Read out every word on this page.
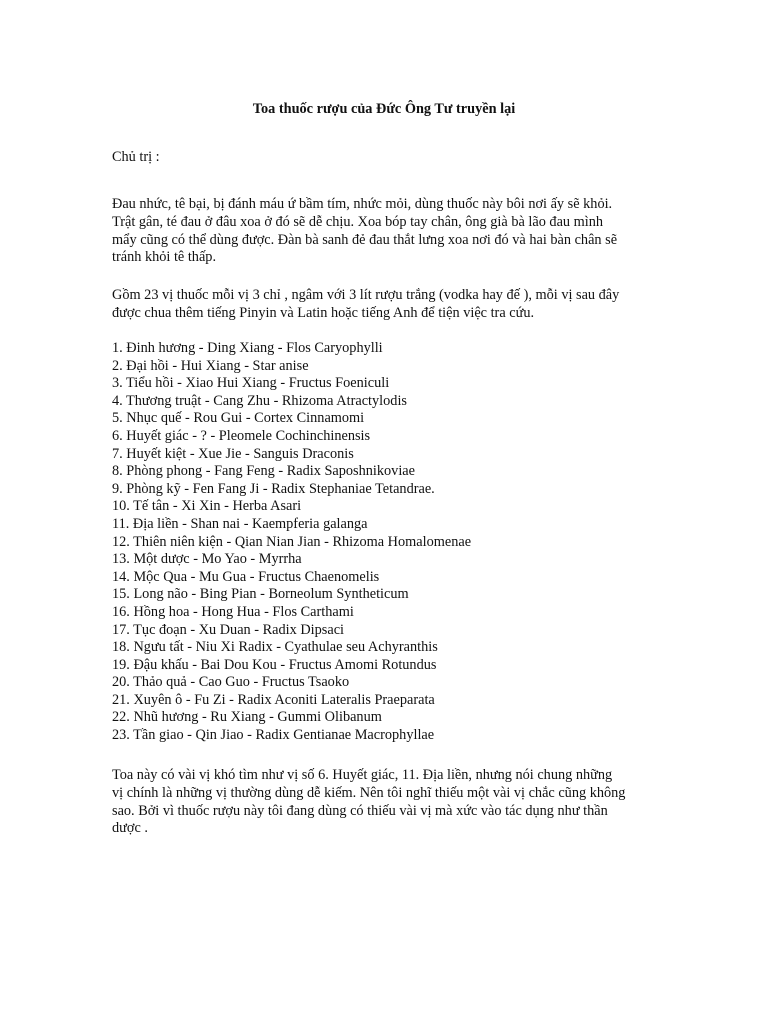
Toa thuốc rượu của Đức Ông Tư truyền lại
Chủ trị :
Đau nhức, tê bại, bị đánh máu ứ bầm tím, nhức mỏi, dùng thuốc này bôi nơi ấy sẽ khỏi.
Trật gân, té đau ở đâu xoa ở đó sẽ dễ chịu. Xoa bóp tay chân, ông già bà lão đau mình
mẩy cũng có thể dùng được. Đàn bà sanh đẻ đau thắt lưng xoa nơi đó và hai bàn chân sẽ
tránh khỏi tê thấp.
Gồm 23 vị thuốc mỗi vị 3 chỉ , ngâm với 3 lít rượu trắng (vodka hay đế ), mỗi vị sau đây
được chua thêm tiếng Pinyin và Latin hoặc tiếng Anh để tiện việc tra cứu.
1. Đinh hương - Ding Xiang - Flos Caryophylli
2. Đại hồi - Hui Xiang - Star anise
3. Tiểu hồi - Xiao Hui Xiang - Fructus Foeniculi
4. Thương truật - Cang Zhu - Rhizoma Atractylodis
5. Nhục quế - Rou Gui - Cortex Cinnamomi
6. Huyết giác - ? - Pleomele Cochinchinensis
7. Huyết kiệt - Xue Jie - Sanguis Draconis
8. Phòng phong - Fang Feng - Radix Saposhnikoviae
9. Phòng kỹ - Fen Fang Ji - Radix Stephaniae Tetandrae.
10. Tế tân - Xi Xin - Herba Asari
11. Địa liền - Shan nai - Kaempferia galanga
12. Thiên niên kiện - Qian Nian Jian - Rhizoma Homalomenae
13. Một dược - Mo Yao - Myrrha
14. Mộc Qua - Mu Gua - Fructus Chaenomelis
15. Long não - Bing Pian - Borneolum Syntheticum
16. Hồng hoa - Hong Hua - Flos Carthami
17. Tục đoạn - Xu Duan - Radix Dipsaci
18. Ngưu tất - Niu Xi Radix - Cyathulae seu Achyranthis
19. Đậu khấu - Bai Dou Kou - Fructus Amomi Rotundus
20. Thảo quả - Cao Guo - Fructus Tsaoko
21. Xuyên ô - Fu Zi - Radix Aconiti Lateralis Praeparata
22. Nhũ hương - Ru Xiang - Gummi Olibanum
23. Tần giao - Qin Jiao - Radix Gentianae Macrophyllae
Toa này có vài vị khó tìm như vị số 6. Huyết giác, 11. Địa liền, nhưng nói chung những
vị chính là những vị thường dùng dễ kiếm. Nên tôi nghĩ thiếu một vài vị chắc cũng không
sao. Bởi vì thuốc rượu này tôi đang dùng có thiếu vài vị mà xức vào tác dụng như thần
dược .
